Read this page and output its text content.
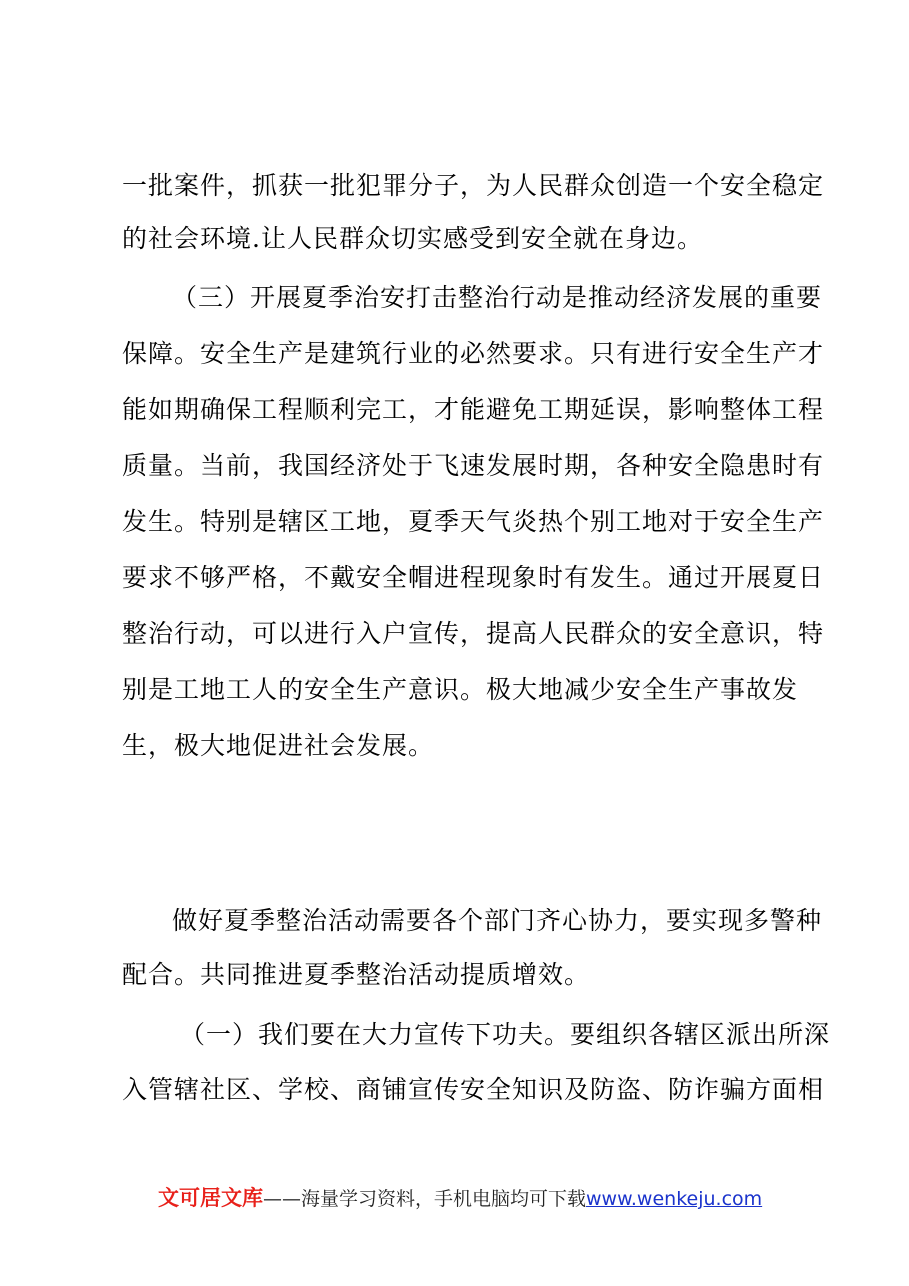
一批案件，抓获一批犯罪分子，为人民群众创造一个安全稳定
的社会环境.让人民群众切实感受到安全就在身边。
（三）开展夏季治安打击整治行动是推动经济发展的重要
保障。安全生产是建筑行业的必然要求。只有进行安全生产才
能如期确保工程顺利完工，才能避免工期延误，影响整体工程
质量。当前，我国经济处于飞速发展时期，各种安全隐患时有
发生。特别是辖区工地，夏季天气炎热个别工地对于安全生产
要求不够严格，不戴安全帽进程现象时有发生。通过开展夏日
整治行动，可以进行入户宣传，提高人民群众的安全意识，特
别是工地工人的安全生产意识。极大地减少安全生产事故发
生，极大地促进社会发展。
做好夏季整治活动需要各个部门齐心协力，要实现多警种
配合。共同推进夏季整治活动提质增效。
（一）我们要在大力宣传下功夫。要组织各辖区派出所深
入管辖社区、学校、商铺宣传安全知识及防盗、防诈骗方面相
文可居文库——海量学习资料，手机电脑均可下载www.wenkeju.com
